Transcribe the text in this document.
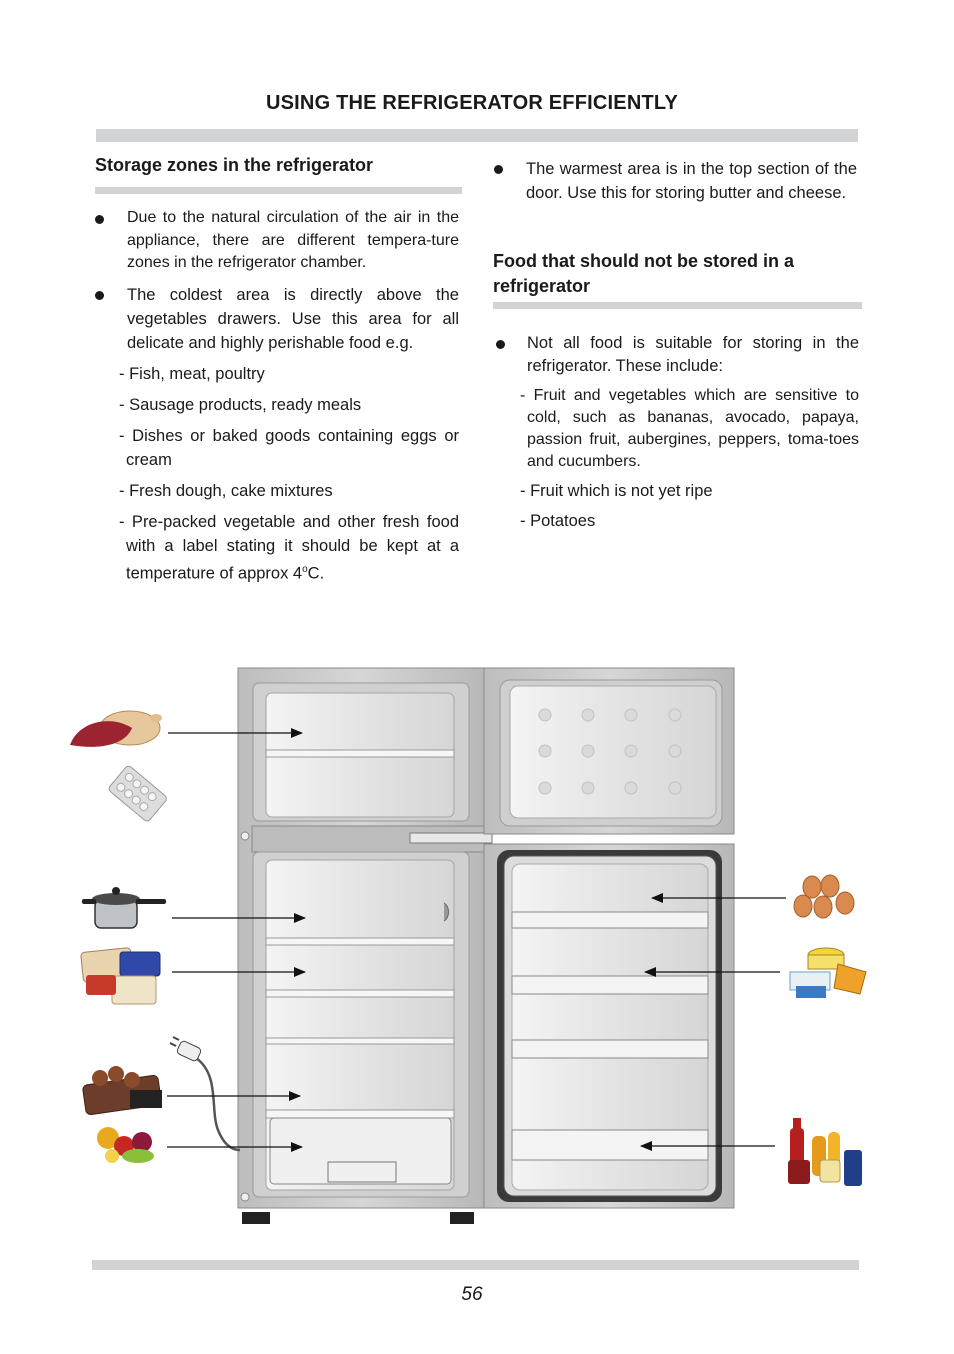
USING THE REFRIGERATOR EFFICIENTLY
Storage zones in the refrigerator

Due to the natural circulation of the air in the appliance, there are different tempera-ture zones in the refrigerator chamber.

The coldest area is directly above the vegetables drawers. Use this area for all delicate and highly perishable food e.g.

- Fish, meat, poultry

- Sausage products, ready meals

- Dishes or baked goods containing eggs or cream

- Fresh dough, cake mixtures

- Pre-packed vegetable and other fresh food with a label stating it should be kept at a temperature of approx 4$^o$C.

The warmest area is in the top section of the door. Use this for storing butter and cheese.

Food that should not be stored in a refrigerator

Not all food is suitable for storing in the refrigerator. These include:

- Fruit and vegetables which are sensitive to cold, such as bananas, avocado, papaya, passion fruit, aubergines, peppers, toma-toes and cucumbers.

- Fruit which is not yet ripe

- Potatoes

56
